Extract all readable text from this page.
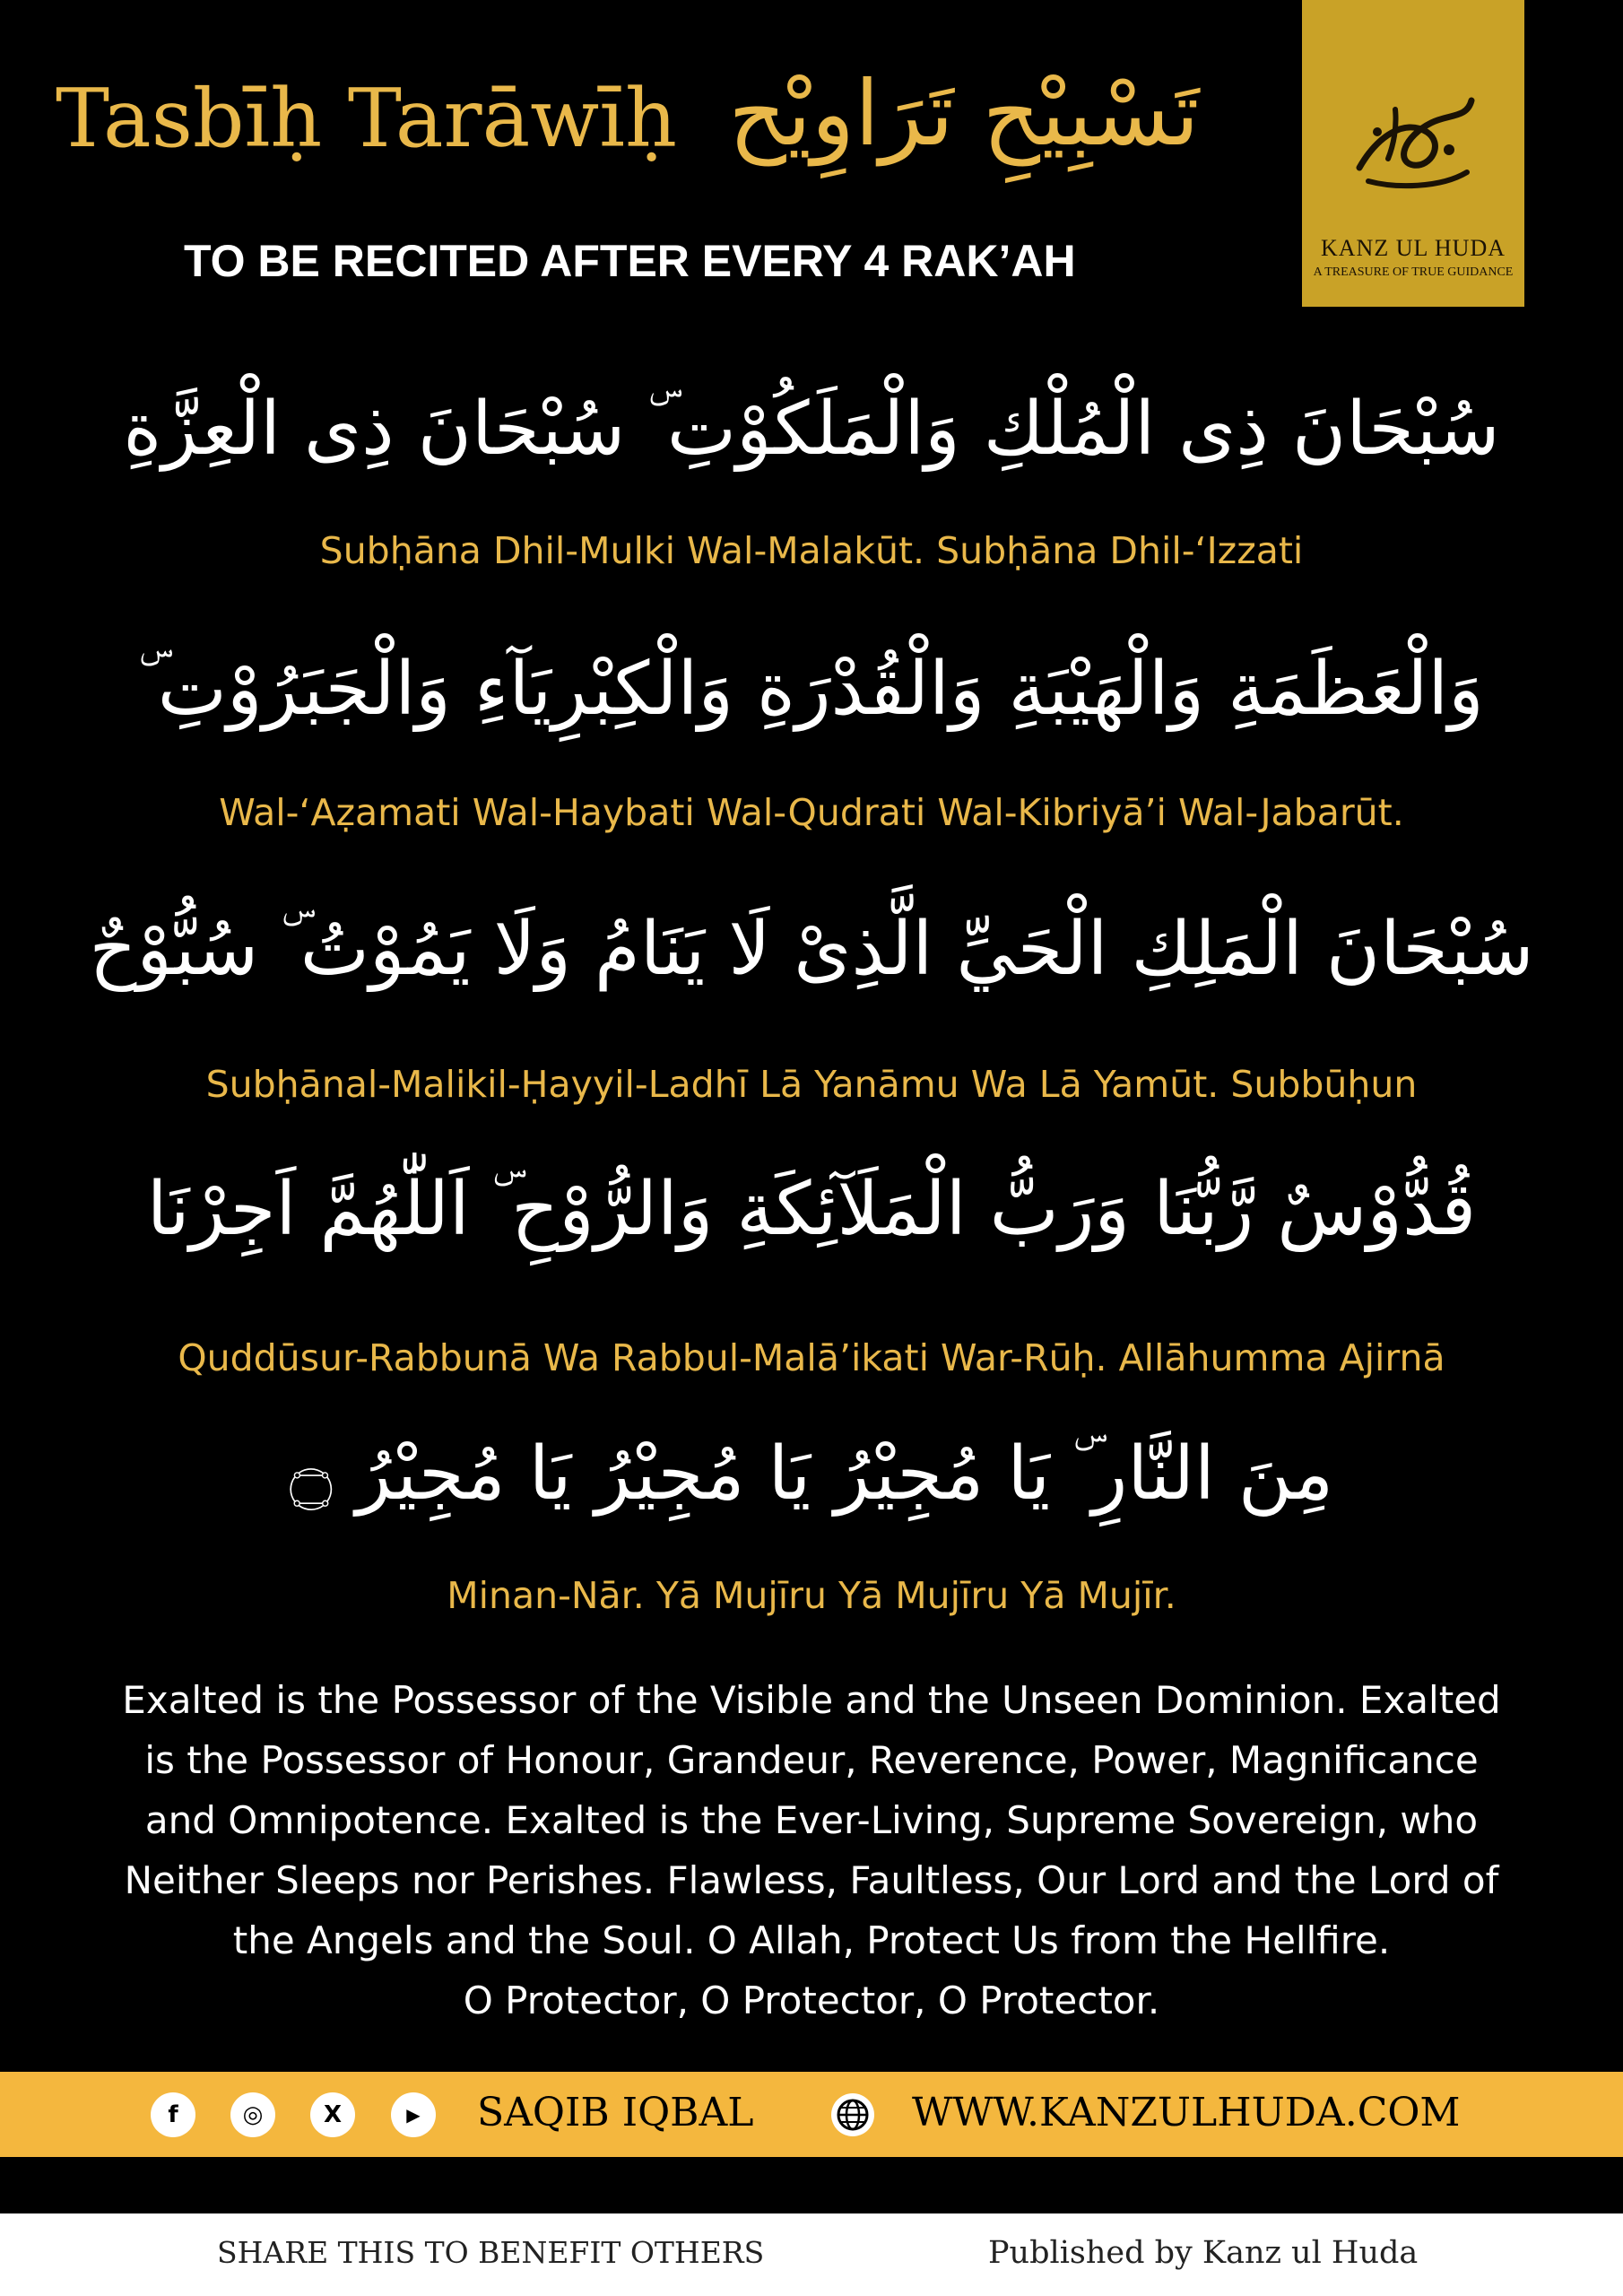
Tasbīḥ Tarāwīḥ تَسْبِيْحِ تَرَاوِيْح
TO BE RECITED AFTER EVERY 4 RAK’AH	KANZ UL HUDA
A TREASURE OF TRUE GUIDANCE
سُبْحَانَ ذِى الْمُلْكِ وَالْمَلَكُوْتِ ۜ سُبْحَانَ ذِى الْعِزَّةِ
Subḥāna Dhil-Mulki Wal-Malakūt. Subḥāna Dhil-‘Izzati
وَالْعَظَمَةِ وَالْهَيْبَةِ وَالْقُدْرَةِ وَالْكِبْرِيَآءِ وَالْجَبَرُوْتِ ۜ
Wal-‘Aẓamati Wal-Haybati Wal-Qudrati Wal-Kibriyā’i Wal-Jabarūt.
سُبْحَانَ الْمَلِكِ الْحَيِّ الَّذِىْ لَا يَنَامُ وَلَا يَمُوْتُ ۜ سُبُّوْحٌ
Subḥānal-Malikil-Ḥayyil-Ladhī Lā Yanāmu Wa Lā Yamūt. Subbūḥun
قُدُّوْسٌ رَّبُّنَا وَرَبُّ الْمَلَآئِكَةِ وَالرُّوْحِ ۜ اَللّٰهُمَّ اَجِرْنَا
Quddūsur-Rabbunā Wa Rabbul-Malā’ikati War-Rūḥ. Allāhumma Ajirnā
مِنَ النَّارِ ۜ يَا مُجِيْرُ يَا مُجِيْرُ يَا مُجِيْرُ ۝
Minan-Nār. Yā Mujīru Yā Mujīru Yā Mujīr.
Exalted is the Possessor of the Visible and the Unseen Dominion. Exalted
is the Possessor of Honour, Grandeur, Reverence, Power, Magnificance
and Omnipotence. Exalted is the Ever-Living, Supreme Sovereign, who
Neither Sleeps nor Perishes. Flawless, Faultless, Our Lord and the Lord of
the Angels and the Soul. O Allah, Protect Us from the Hellfire.
O Protector, O Protector, O Protector.
f	◎	X	▶	SAQIB IQBAL	WWW.KANZULHUDA.COM
SHARE THIS TO BENEFIT OTHERS	Published by Kanz ul Huda
